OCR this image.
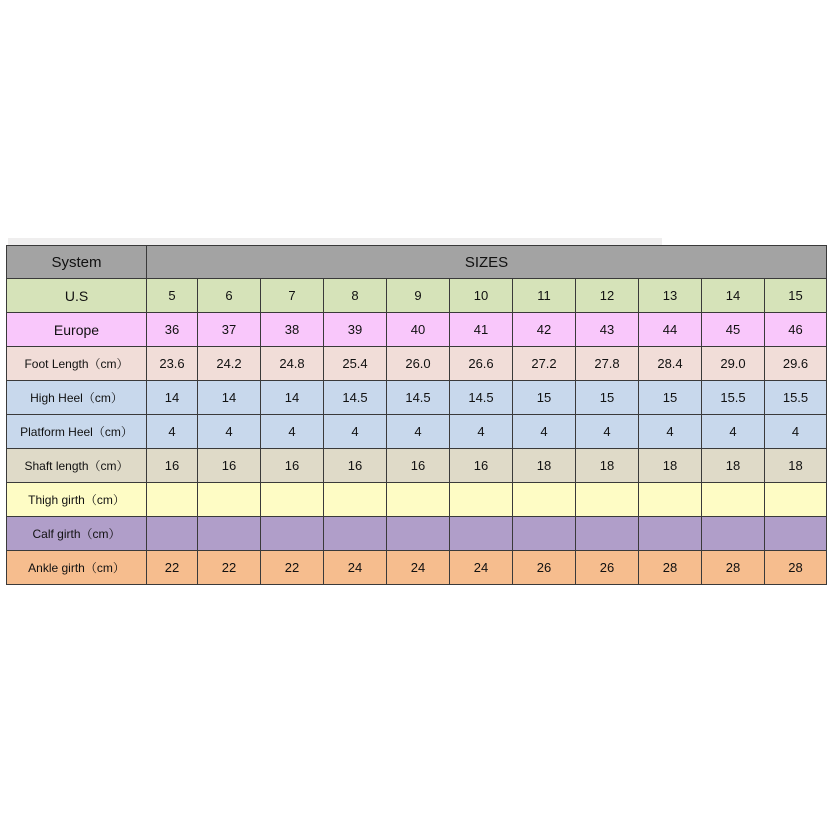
System	SIZES										
U.S	5	6	7	8	9	10	11	12	13	14	15
Europe	36	37	38	39	40	41	42	43	44	45	46
Foot Length（cm）	23.6	24.2	24.8	25.4	26.0	26.6	27.2	27.8	28.4	29.0	29.6
High Heel（cm）	14	14	14	14.5	14.5	14.5	15	15	15	15.5	15.5
Platform Heel（cm）	4	4	4	4	4	4	4	4	4	4	4
Shaft length（cm）	16	16	16	16	16	16	18	18	18	18	18
Thigh girth（cm）											
Calf girth（cm）											
Ankle girth（cm）	22	22	22	24	24	24	26	26	28	28	28
